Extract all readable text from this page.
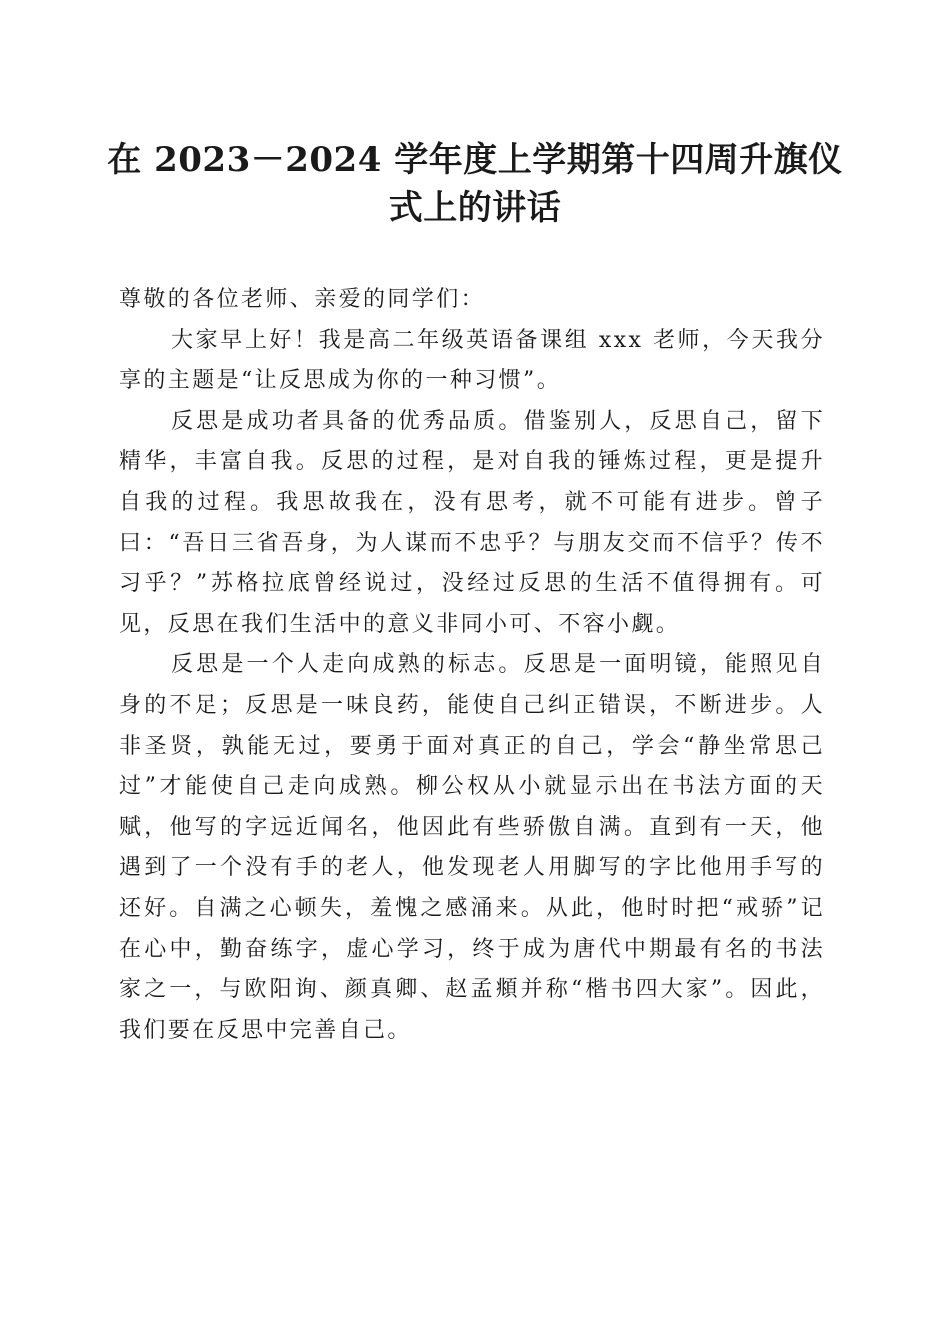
在 2023－2024 学年度上学期第十四周升旗仪
式上的讲话

尊敬的各位老师、亲爱的同学们：

大家早上好！我是高二年级英语备课组 xxx 老师，今天我分享的主题是“让反思成为你的一种习惯”。

反思是成功者具备的优秀品质。借鉴别人，反思自己，留下精华，丰富自我。反思的过程，是对自我的锤炼过程，更是提升自我的过程。我思故我在，没有思考，就不可能有进步。曾子曰：“吾日三省吾身，为人谋而不忠乎？与朋友交而不信乎？传不习乎？”苏格拉底曾经说过，没经过反思的生活不值得拥有。可见，反思在我们生活中的意义非同小可、不容小觑。

反思是一个人走向成熟的标志。反思是一面明镜，能照见自身的不足；反思是一味良药，能使自己纠正错误，不断进步。人非圣贤，孰能无过，要勇于面对真正的自己，学会“静坐常思己过”才能使自己走向成熟。柳公权从小就显示出在书法方面的天赋，他写的字远近闻名，他因此有些骄傲自满。直到有一天，他遇到了一个没有手的老人，他发现老人用脚写的字比他用手写的还好。自满之心顿失，羞愧之感涌来。从此，他时时把“戒骄”记在心中，勤奋练字，虚心学习，终于成为唐代中期最有名的书法家之一，与欧阳询、颜真卿、赵孟頫并称“楷书四大家”。因此，我们要在反思中完善自己。
